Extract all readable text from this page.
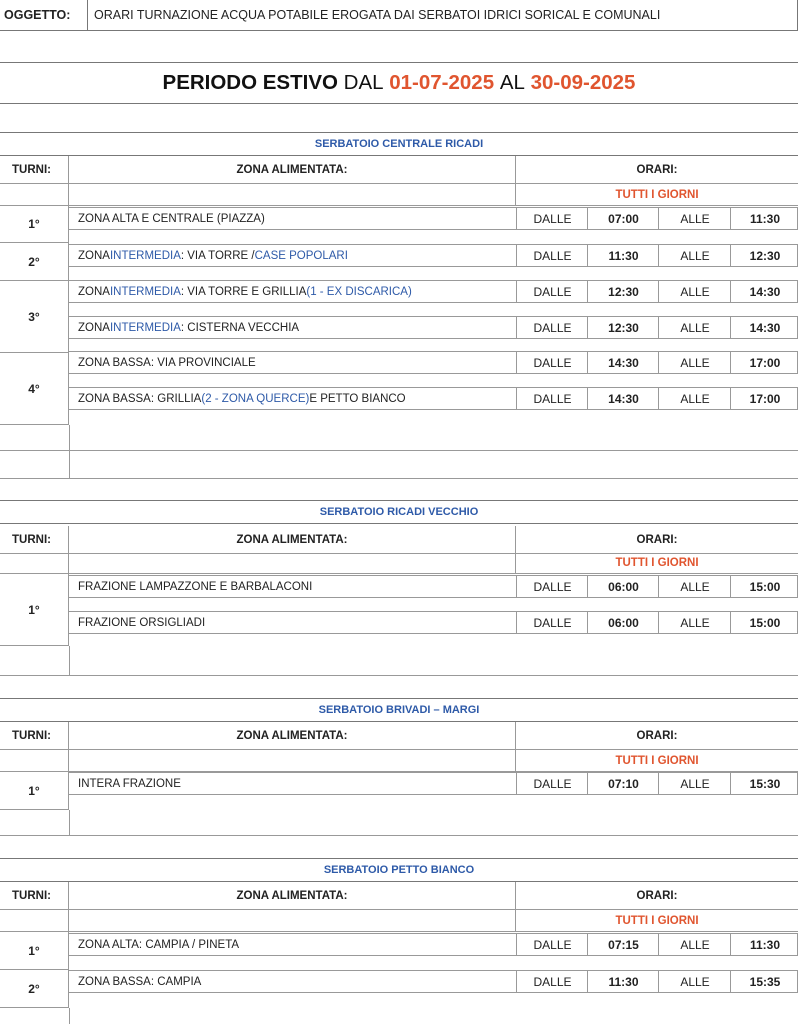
OGGETTO:	ORARI TURNAZIONE ACQUA POTABILE EROGATA DAI SERBATOI IDRICI SORICAL E COMUNALI
PERIODO ESTIVO
DAL
01-07-2025
AL
30-09-2025
SERBATOIO CENTRALE RICADI
TURNI:	ZONA ALIMENTATA:	ORARI:
TUTTI I GIORNI
1°	ZONA ALTA E CENTRALE (PIAZZA)	DALLE	07:00	ALLE	11:30
2°	ZONA INTERMEDIA : VIA TORRE / CASE POPOLARI	DALLE	11:30	ALLE	12:30
3°
ZONA INTERMEDIA : VIA TORRE E GRILLIA (1 - EX DISCARICA)	DALLE	12:30	ALLE	14:30
ZONA INTERMEDIA : CISTERNA VECCHIA	DALLE	12:30	ALLE	14:30
4°
ZONA BASSA: VIA PROVINCIALE	DALLE	14:30	ALLE	17:00
ZONA BASSA: GRILLIA (2 - ZONA QUERCE) E PETTO BIANCO	DALLE	14:30	ALLE	17:00
SERBATOIO RICADI VECCHIO
TURNI:	ZONA ALIMENTATA:	ORARI:
TUTTI I GIORNI
1°
FRAZIONE LAMPAZZONE E BARBALACONI	DALLE	06:00	ALLE	15:00
FRAZIONE ORSIGLIADI	DALLE	06:00	ALLE	15:00
SERBATOIO BRIVADI – MARGI
TURNI:	ZONA ALIMENTATA:	ORARI:
TUTTI I GIORNI
1°	INTERA FRAZIONE	DALLE	07:10	ALLE	15:30
SERBATOIO PETTO BIANCO
TURNI:	ZONA ALIMENTATA:	ORARI:
TUTTI I GIORNI
1°	ZONA ALTA: CAMPIA / PINETA	DALLE	07:15	ALLE	11:30
2°	ZONA BASSA: CAMPIA	DALLE	11:30	ALLE	15:35
